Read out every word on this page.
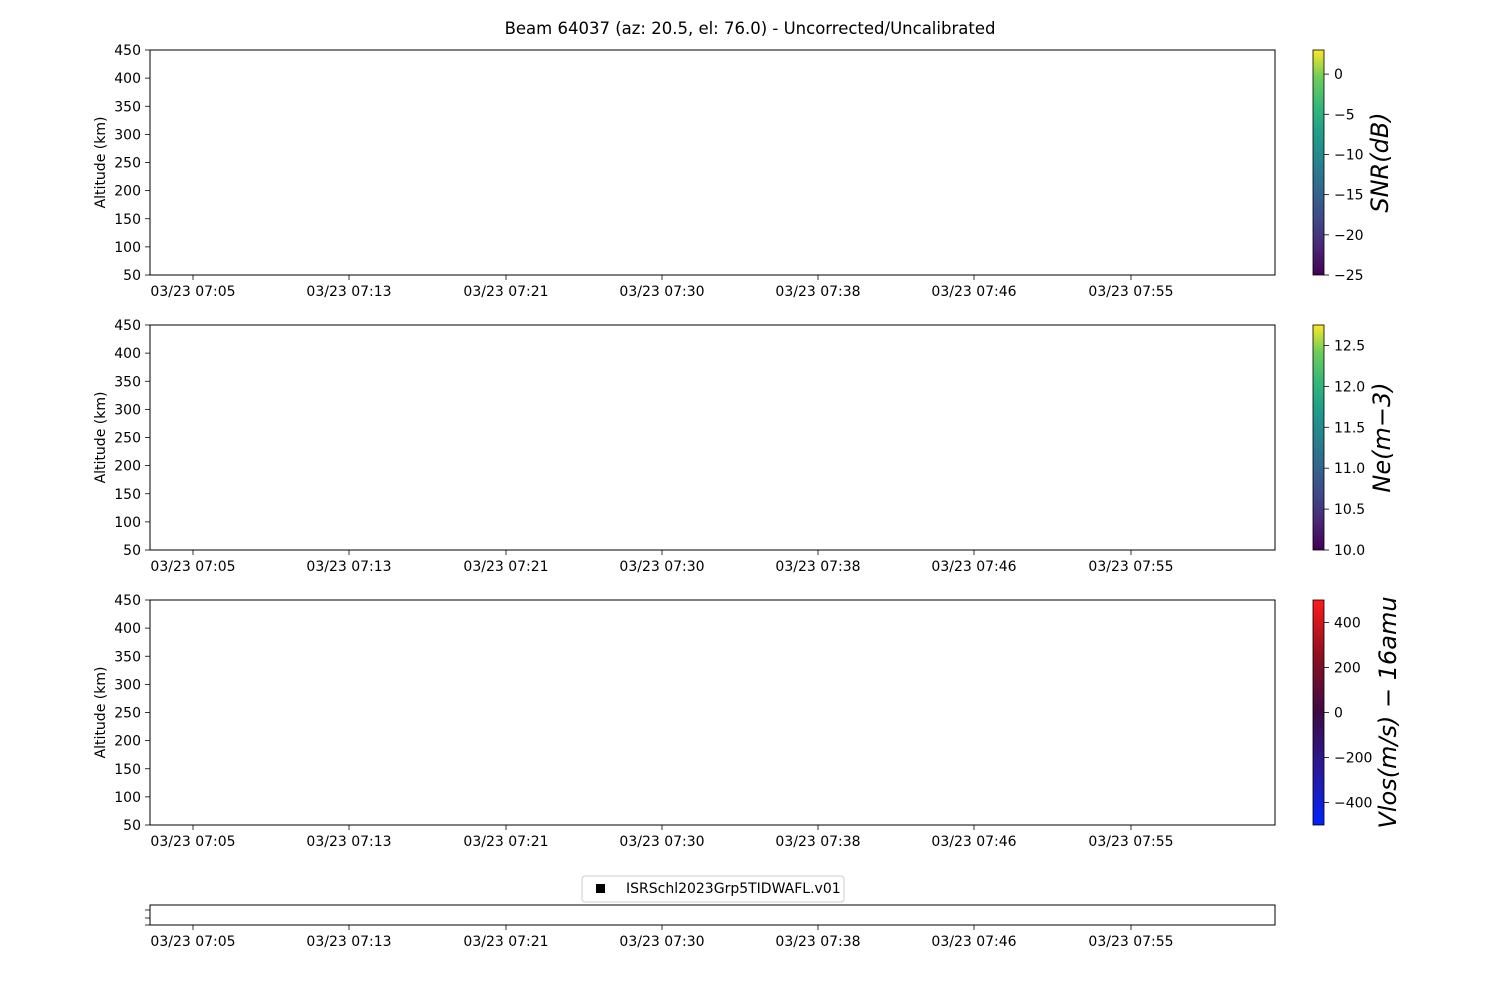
Beam 64037 (az: 20.5, el: 76.0) - Uncorrected/Uncalibrated
Altitude (km)
50
100
150
200
250
300
350
400
450
03/23 07:05	03/23 07:13	03/23 07:21	03/23 07:30	03/23 07:38	03/23 07:46	03/23 07:55
0
−5
−10
−15
−20
−25
SNR(dB)
Altitude (km)
50
100
150
200
250
300
350
400
450
03/23 07:05	03/23 07:13	03/23 07:21	03/23 07:30	03/23 07:38	03/23 07:46	03/23 07:55
12.5
12.0
11.5
11.0
10.5
10.0
Ne(m−3)
Altitude (km)
50
100
150
200
250
300
350
400
450
03/23 07:05	03/23 07:13	03/23 07:21	03/23 07:30	03/23 07:38	03/23 07:46	03/23 07:55
400
200
0
−200
−400 Vlos(m/s) − 16amu
03/23 07:05	03/23 07:13	03/23 07:21	03/23 07:30	03/23 07:38	03/23 07:46	03/23 07:55
ISRSchl2023Grp5TIDWAFL.v01
